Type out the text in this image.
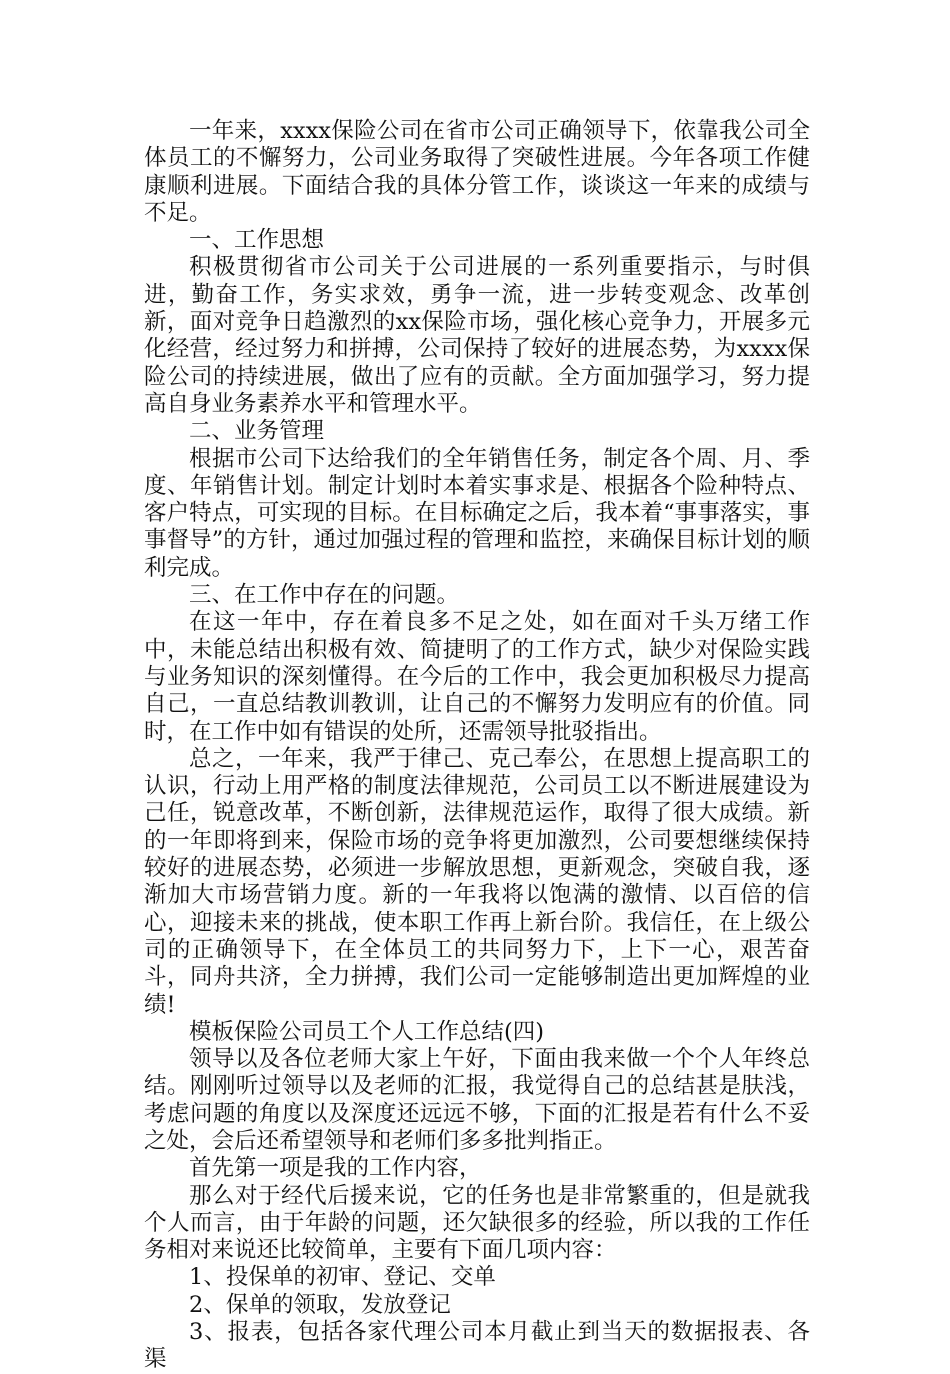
一年来，xxxx保险公司在省市公司正确领导下，依靠我公司全体员工的不懈努力，公司业务取得了突破性进展。今年各项工作健康顺利进展。下面结合我的具体分管工作，谈谈这一年来的成绩与不足。

一、工作思想

积极贯彻省市公司关于公司进展的一系列重要指示，与时俱进，勤奋工作，务实求效，勇争一流，进一步转变观念、改革创新，面对竞争日趋激烈的xx保险市场，强化核心竞争力，开展多元化经营，经过努力和拼搏，公司保持了较好的进展态势，为xxxx保险公司的持续进展，做出了应有的贡献。全方面加强学习，努力提高自身业务素养水平和管理水平。

二、业务管理

根据市公司下达给我们的全年销售任务，制定各个周、月、季度、年销售计划。制定计划时本着实事求是、根据各个险种特点、客户特点，可实现的目标。在目标确定之后，我本着“事事落实，事事督导”的方针，通过加强过程的管理和监控，来确保目标计划的顺利完成。

三、在工作中存在的问题。

在这一年中，存在着良多不足之处，如在面对千头万绪工作中，未能总结出积极有效、简捷明了的工作方式，缺少对保险实践与业务知识的深刻懂得。在今后的工作中，我会更加积极尽力提高自己，一直总结教训教训，让自己的不懈努力发明应有的价值。同时，在工作中如有错误的处所，还需领导批驳指出。

总之，一年来，我严于律己、克己奉公，在思想上提高职工的认识，行动上用严格的制度法律规范，公司员工以不断进展建设为己任，锐意改革，不断创新，法律规范运作，取得了很大成绩。新的一年即将到来，保险市场的竞争将更加激烈，公司要想继续保持较好的进展态势，必须进一步解放思想，更新观念，突破自我，逐渐加大市场营销力度。新的一年我将以饱满的激情、以百倍的信心，迎接未来的挑战，使本职工作再上新台阶。我信任，在上级公司的正确领导下，在全体员工的共同努力下，上下一心，艰苦奋斗，同舟共济，全力拼搏，我们公司一定能够制造出更加辉煌的业绩!

模板保险公司员工个人工作总结(四)

领导以及各位老师大家上午好，下面由我来做一个个人年终总结。刚刚听过领导以及老师的汇报，我觉得自己的总结甚是肤浅，考虑问题的角度以及深度还远远不够，下面的汇报是若有什么不妥之处，会后还希望领导和老师们多多批判指正。

首先第一项是我的工作内容，

那么对于经代后援来说，它的任务也是非常繁重的，但是就我个人而言，由于年龄的问题，还欠缺很多的经验，所以我的工作任务相对来说还比较简单，主要有下面几项内容：

1、投保单的初审、登记、交单

2、保单的领取，发放登记

3、报表，包括各家代理公司本月截止到当天的数据报表、各渠
